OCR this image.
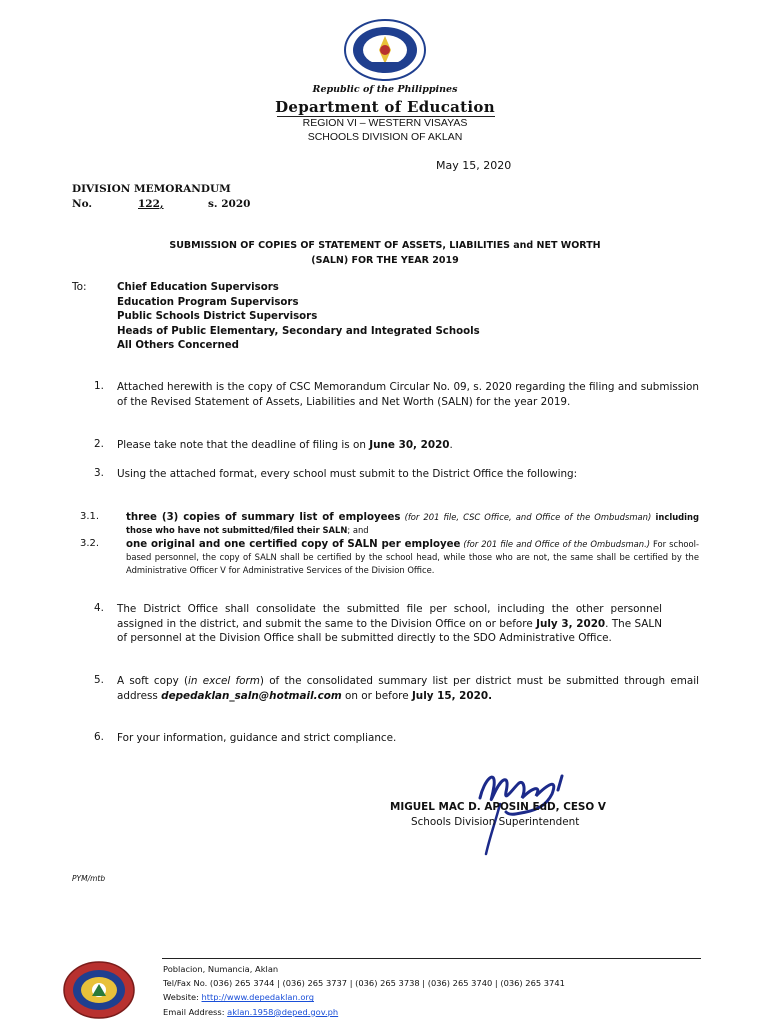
Republic of the Philippines
Department of Education
REGION VI – WESTERN VISAYAS
SCHOOLS DIVISION OF AKLAN
May 15, 2020
DIVISION MEMORANDUM
No.	122,	s. 2020
SUBMISSION OF COPIES OF STATEMENT OF ASSETS, LIABILITIES and NET WORTH
(SALN) FOR THE YEAR 2019
To:	Chief Education Supervisors
Education Program Supervisors
Public Schools District Supervisors
Heads of Public Elementary, Secondary and Integrated Schools
All Others Concerned
1. Attached herewith is the copy of CSC Memorandum Circular No. 09, s. 2020 regarding the filing and submission of the Revised Statement of Assets, Liabilities and Net Worth (SALN) for the year 2019.
2. Please take note that the deadline of filing is on June 30, 2020.
3. Using the attached format, every school must submit to the District Office the following:
3.1.	three (3) copies of summary list of employees (for 201 file, CSC Office, and Office of the Ombudsman) including those who have not submitted/filed their SALN; and
3.2.	one original and one certified copy of SALN per employee (for 201 file and Office of the Ombudsman.) For school-based personnel, the copy of SALN shall be certified by the school head, while those who are not, the same shall be certified by the Administrative Officer V for Administrative Services of the Division Office.
4. The District Office shall consolidate the submitted file per school, including the other personnel assigned in the district, and submit the same to the Division Office on or before July 3, 2020. The SALN of personnel at the Division Office shall be submitted directly to the SDO Administrative Office.
5. A soft copy (in excel form) of the consolidated summary list per district must be submitted through email address depedaklan_saln@hotmail.com on or before July 15, 2020.
6. For your information, guidance and strict compliance.
MIGUEL MAC D. APOSIN EdD, CESO V
Schools Division Superintendent
PYM/mtb
Poblacion, Numancia, Aklan
Tel/Fax No. (036) 265 3744 | (036) 265 3737 | (036) 265 3738 | (036) 265 3740 | (036) 265 3741
Website: http://www.depedaklan.org
Email Address: aklan.1958@deped.gov.ph
